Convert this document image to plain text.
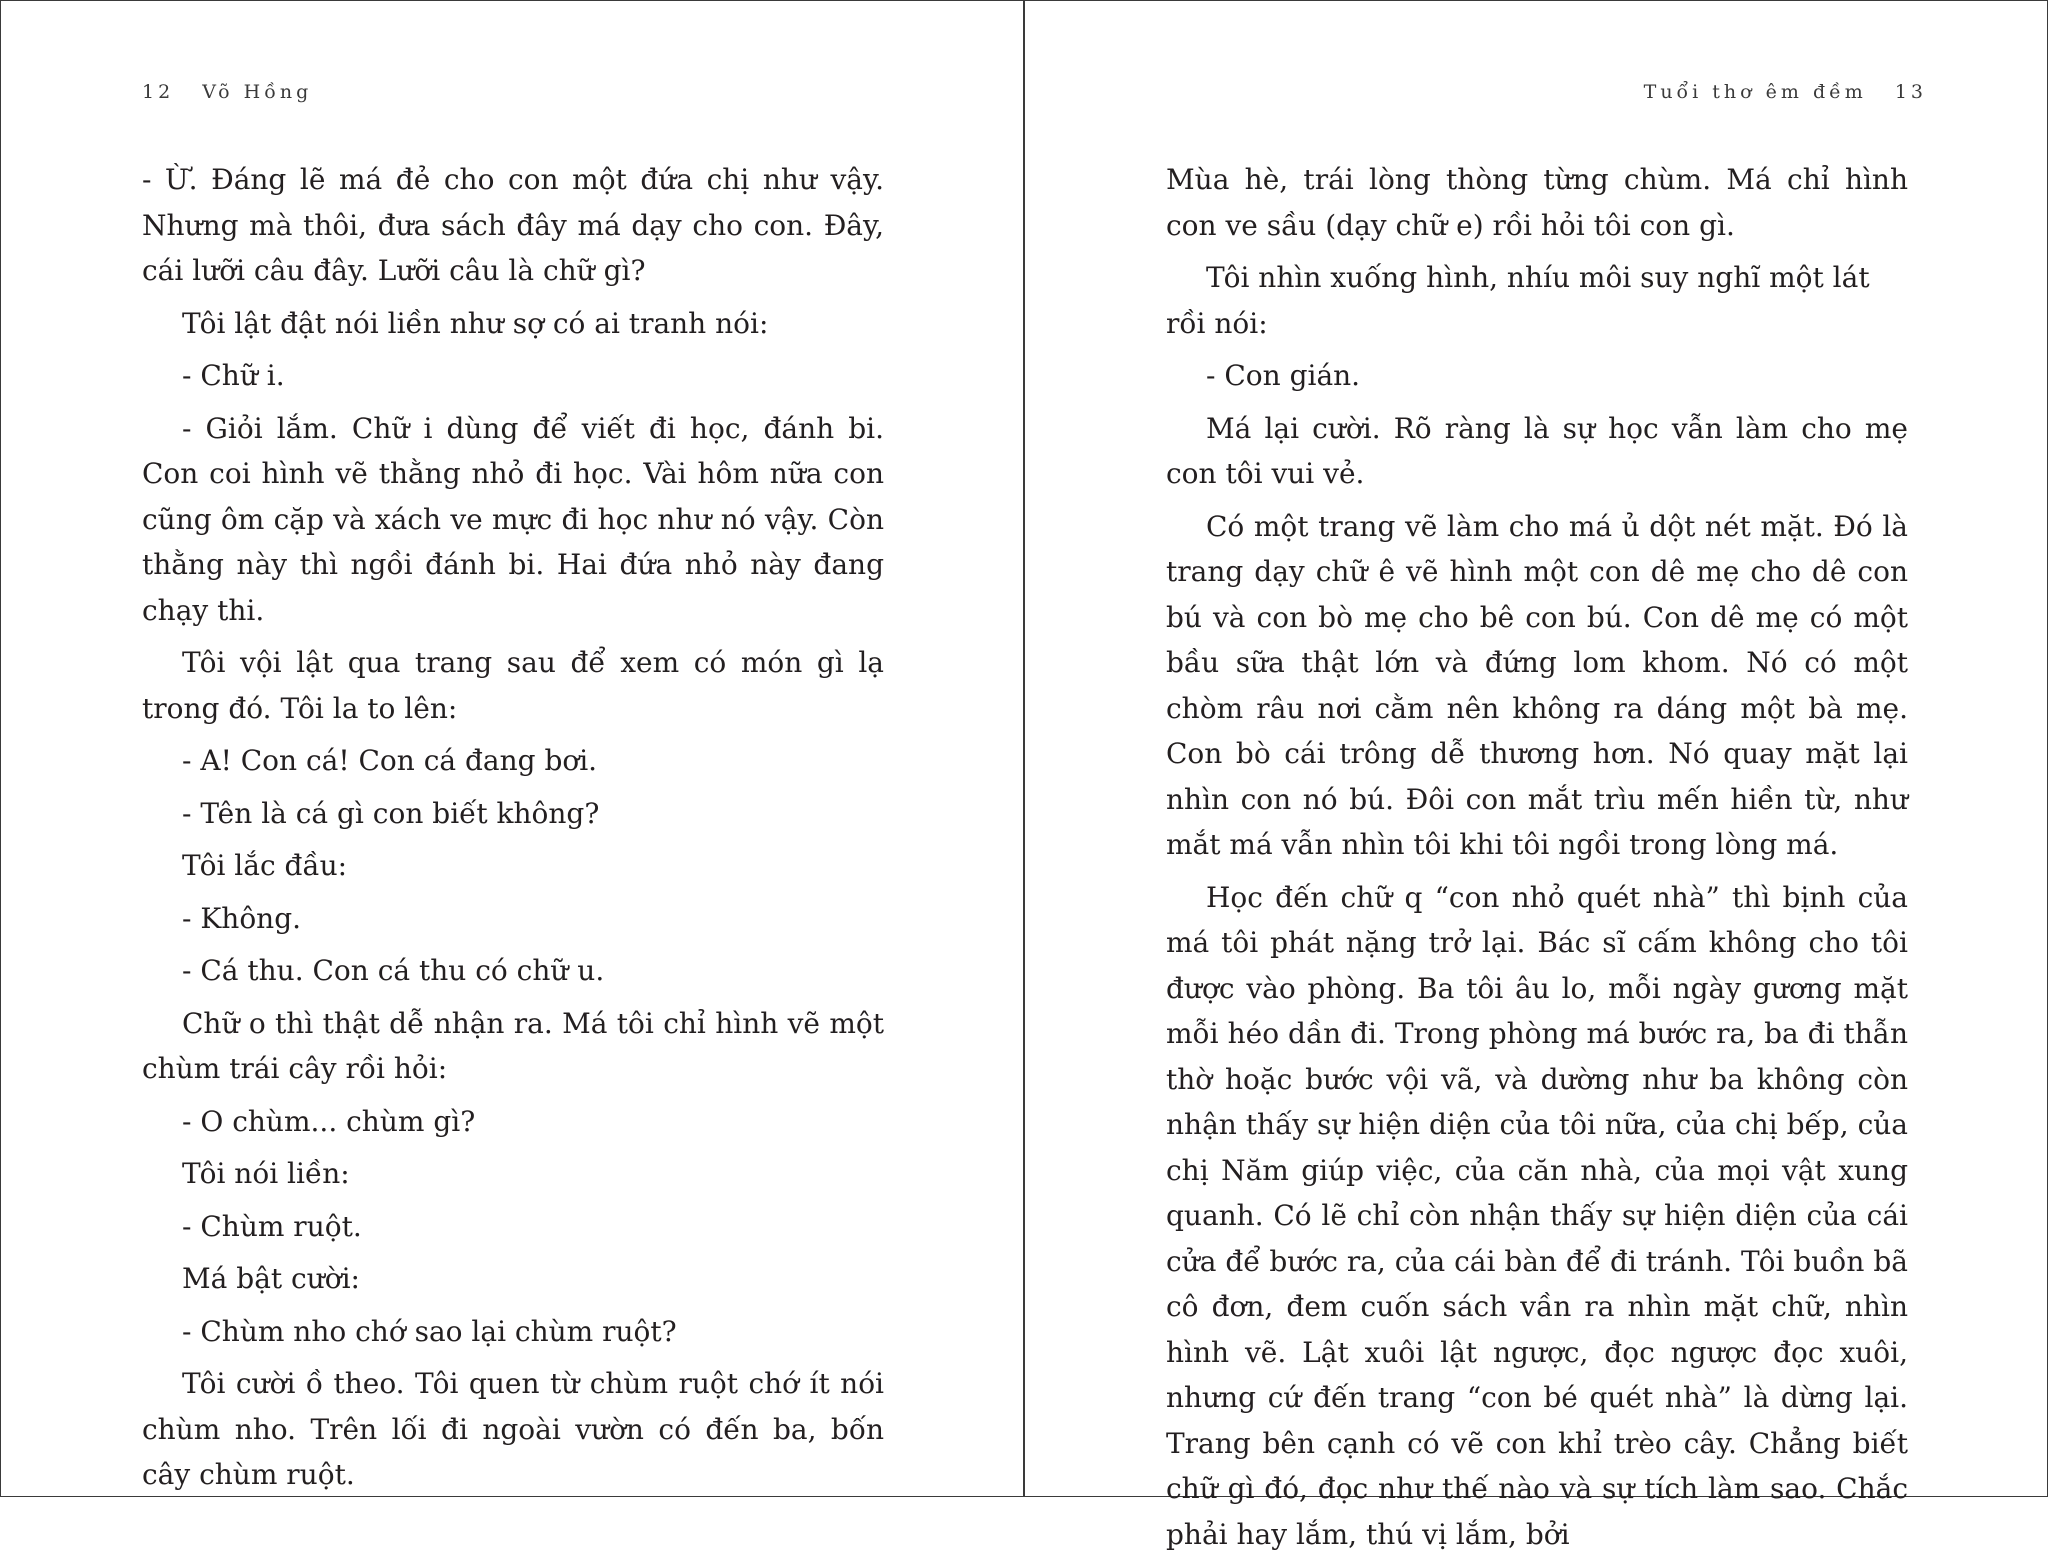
12 Võ Hồng

- Ừ. Đáng lẽ má đẻ cho con một đứa chị như vậy. Nhưng mà thôi, đưa sách đây má dạy cho con. Đây, cái lưỡi câu đây. Lưỡi câu là chữ gì?

Tôi lật đật nói liền như sợ có ai tranh nói:

- Chữ i.

- Giỏi lắm. Chữ i dùng để viết đi học, đánh bi. Con coi hình vẽ thằng nhỏ đi học. Vài hôm nữa con cũng ôm cặp và xách ve mực đi học như nó vậy. Còn thằng này thì ngồi đánh bi. Hai đứa nhỏ này đang chạy thi.

Tôi vội lật qua trang sau để xem có món gì lạ trong đó. Tôi la to lên:

- A! Con cá! Con cá đang bơi.

- Tên là cá gì con biết không?

Tôi lắc đầu:

- Không.

- Cá thu. Con cá thu có chữ u.

Chữ o thì thật dễ nhận ra. Má tôi chỉ hình vẽ một chùm trái cây rồi hỏi:

- O chùm... chùm gì?

Tôi nói liền:

- Chùm ruột.

Má bật cười:

- Chùm nho chớ sao lại chùm ruột?

Tôi cười ồ theo. Tôi quen từ chùm ruột chớ ít nói chùm nho. Trên lối đi ngoài vườn có đến ba, bốn cây chùm ruột.

Tuổi thơ êm đềm 13

Mùa hè, trái lòng thòng từng chùm. Má chỉ hình con ve sầu (dạy chữ e) rồi hỏi tôi con gì.

Tôi nhìn xuống hình, nhíu môi suy nghĩ một lát rồi nói:

- Con gián.

Má lại cười. Rõ ràng là sự học vẫn làm cho mẹ con tôi vui vẻ.

Có một trang vẽ làm cho má ủ dột nét mặt. Đó là trang dạy chữ ê vẽ hình một con dê mẹ cho dê con bú và con bò mẹ cho bê con bú. Con dê mẹ có một bầu sữa thật lớn và đứng lom khom. Nó có một chòm râu nơi cằm nên không ra dáng một bà mẹ. Con bò cái trông dễ thương hơn. Nó quay mặt lại nhìn con nó bú. Đôi con mắt trìu mến hiền từ, như mắt má vẫn nhìn tôi khi tôi ngồi trong lòng má.

Học đến chữ q “con nhỏ quét nhà” thì bịnh của má tôi phát nặng trở lại. Bác sĩ cấm không cho tôi được vào phòng. Ba tôi âu lo, mỗi ngày gương mặt mỗi héo dần đi. Trong phòng má bước ra, ba đi thẫn thờ hoặc bước vội vã, và dường như ba không còn nhận thấy sự hiện diện của tôi nữa, của chị bếp, của chị Năm giúp việc, của căn nhà, của mọi vật xung quanh. Có lẽ chỉ còn nhận thấy sự hiện diện của cái cửa để bước ra, của cái bàn để đi tránh. Tôi buồn bã cô đơn, đem cuốn sách vần ra nhìn mặt chữ, nhìn hình vẽ. Lật xuôi lật ngược, đọc ngược đọc xuôi, nhưng cứ đến trang “con bé quét nhà” là dừng lại. Trang bên cạnh có vẽ con khỉ trèo cây. Chẳng biết chữ gì đó, đọc như thế nào và sự tích làm sao. Chắc phải hay lắm, thú vị lắm, bởi
